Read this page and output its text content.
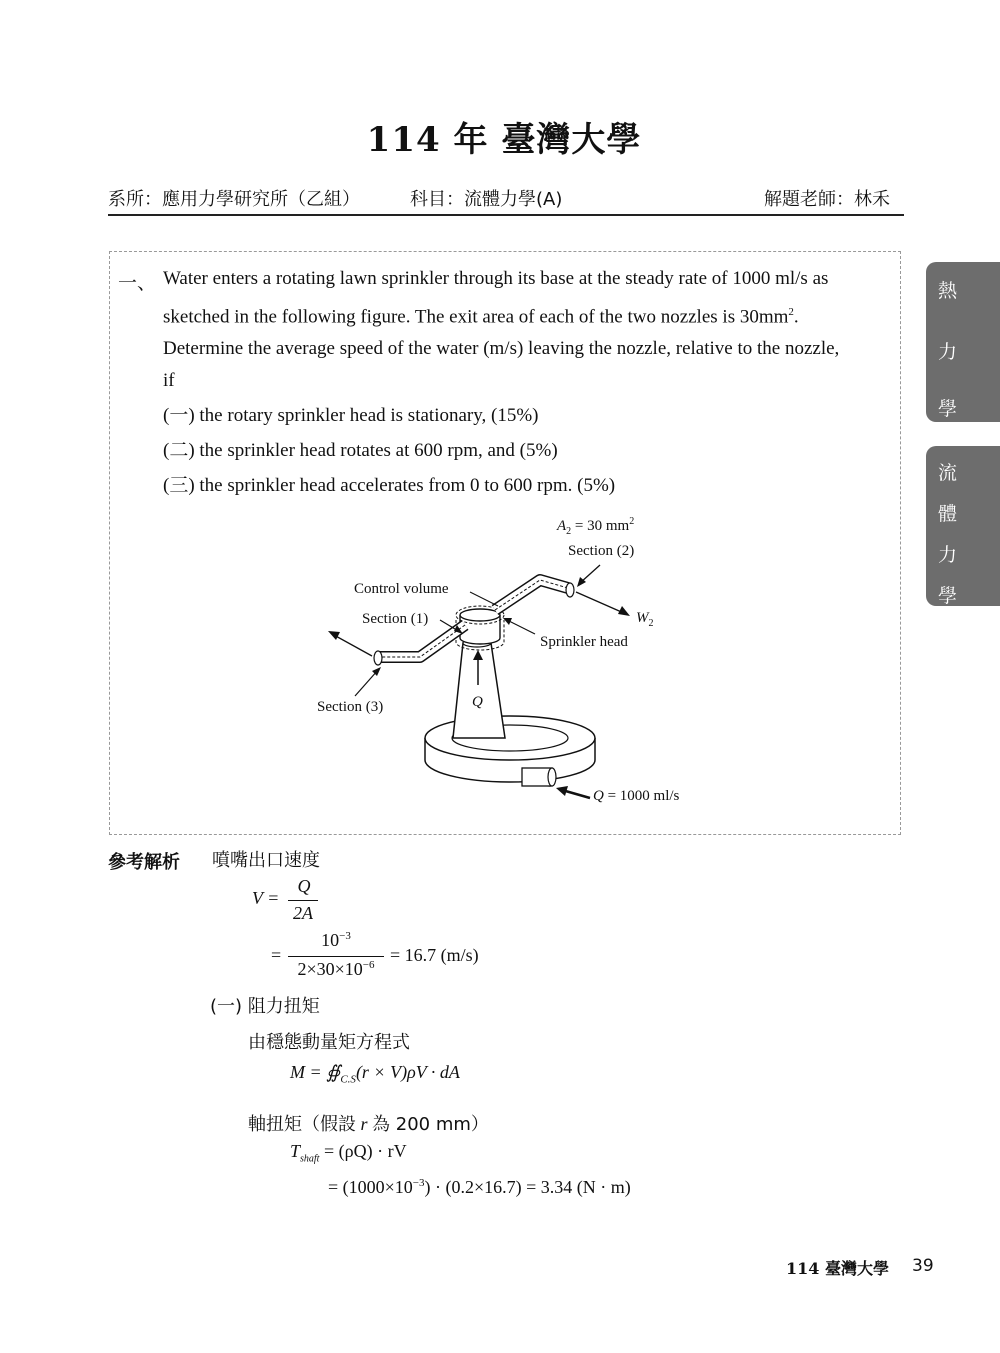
114 年 臺灣大學
系所：應用力學研究所（乙組）	科目：流體力學(A)	解題老師：林禾
熱
力
學
流
體
力
學
一、 Water enters a rotating lawn sprinkler through its base at the steady rate of 1000 ml/s as
sketched in the following figure. The exit area of each of the two nozzles is $30mm^2$.
Determine the average speed of the water (m/s) leaving the nozzle, relative to the nozzle,
if
(一) the rotary sprinkler head is stationary, (15%)
(二) the sprinkler head rotates at 600 rpm, and (5%)
(三) the sprinkler head accelerates from 0 to 600 rpm. (5%)
$A_2 = 30$ $mm^2$
Section (2)
Control volume
Section (1)	$W_2$
Sprinkler head
Q
Section (3)
Q = 1000 ml/s
參考解析 噴嘴出口速度
V =
Q
2A
=
$10^{-3}$
$2\times 30\times 10^{-6} = 16.7$ (m/s)
(一) 阻力扭矩
由穩態動量矩方程式
$M = ∯_{C.S}(r \times V)\rho V$ · dA
軸扭矩（假設 r 為 200 mm）
$T_{shaft} = (\rho Q)$ · rV
= $(1000\times 10^{-3}) \cdot (0.2\times 16.7) = 3.34$ (N · m)
114 臺灣大學 39
